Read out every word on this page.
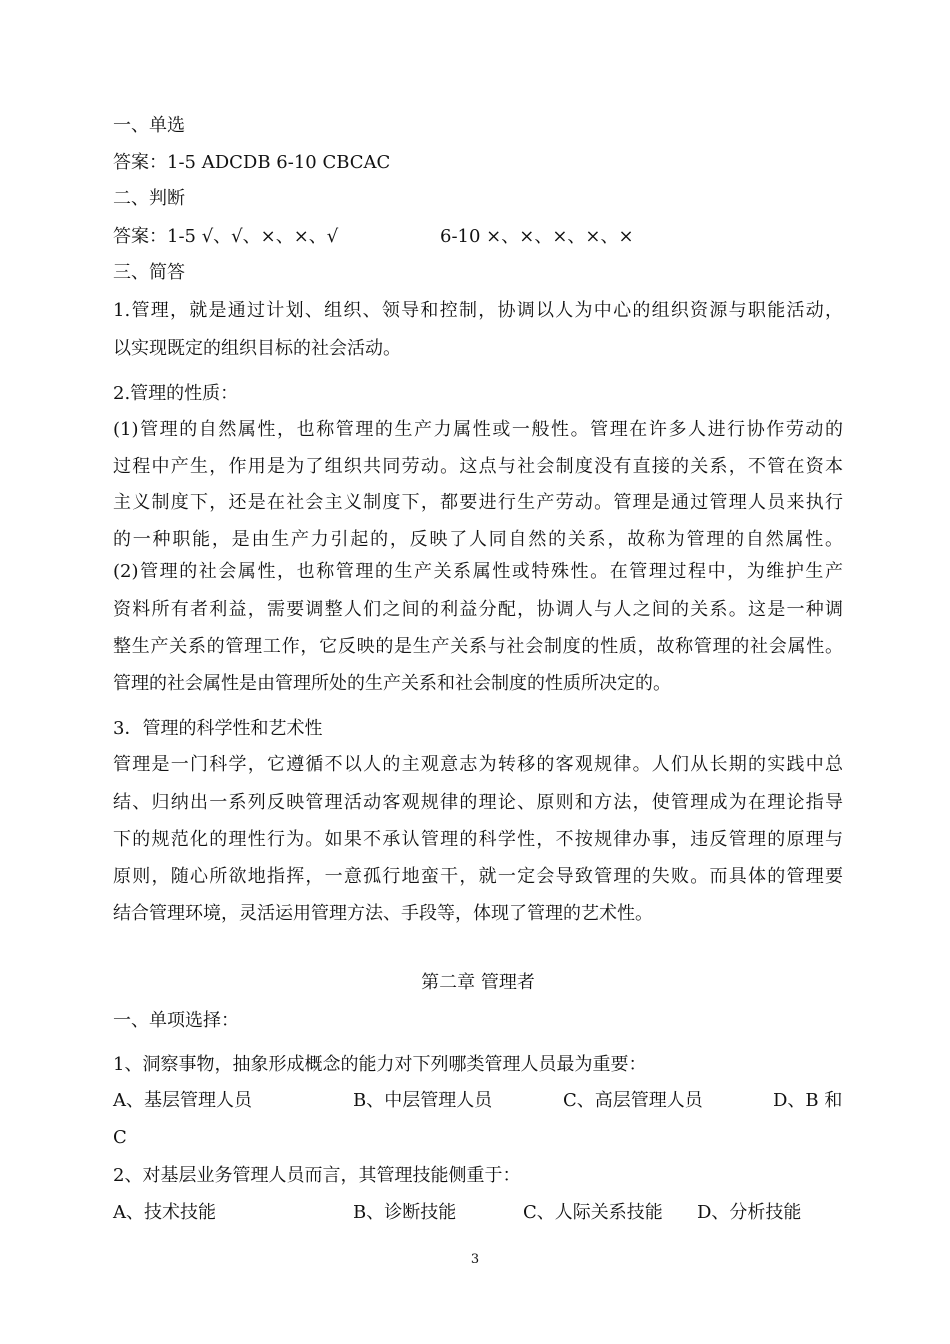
一、单选
答案：1-5 ADCDB 6-10 CBCAC
二、判断
答案：1-5 √、√、×、×、√	6-10 ×、×、×、×、×
三、简答
1.管理，就是通过计划、组织、领导和控制，协调以人为中心的组织资源与职能活动，
以实现既定的组织目标的社会活动。
2.管理的性质：
(1)管理的自然属性，也称管理的生产力属性或一般性。管理在许多人进行协作劳动的
过程中产生，作用是为了组织共同劳动。这点与社会制度没有直接的关系，不管在资本
主义制度下，还是在社会主义制度下，都要进行生产劳动。管理是通过管理人员来执行
的一种职能，是由生产力引起的，反映了人同自然的关系，故称为管理的自然属性。
(2)管理的社会属性，也称管理的生产关系属性或特殊性。在管理过程中，为维护生产
资料所有者利益，需要调整人们之间的利益分配，协调人与人之间的关系。这是一种调
整生产关系的管理工作，它反映的是生产关系与社会制度的性质，故称管理的社会属性。
管理的社会属性是由管理所处的生产关系和社会制度的性质所决定的。
3．管理的科学性和艺术性
管理是一门科学，它遵循不以人的主观意志为转移的客观规律。人们从长期的实践中总
结、归纳出一系列反映管理活动客观规律的理论、原则和方法，使管理成为在理论指导
下的规范化的理性行为。如果不承认管理的科学性，不按规律办事，违反管理的原理与
原则，随心所欲地指挥，一意孤行地蛮干，就一定会导致管理的失败。而具体的管理要
结合管理环境，灵活运用管理方法、手段等，体现了管理的艺术性。
第二章 管理者
一、单项选择：
1、洞察事物，抽象形成概念的能力对下列哪类管理人员最为重要：
A、基层管理人员	B、中层管理人员	C、高层管理人员	D、B 和
C
2、对基层业务管理人员而言，其管理技能侧重于：
A、技术技能	B、诊断技能	C、人际关系技能 D、分析技能
3
